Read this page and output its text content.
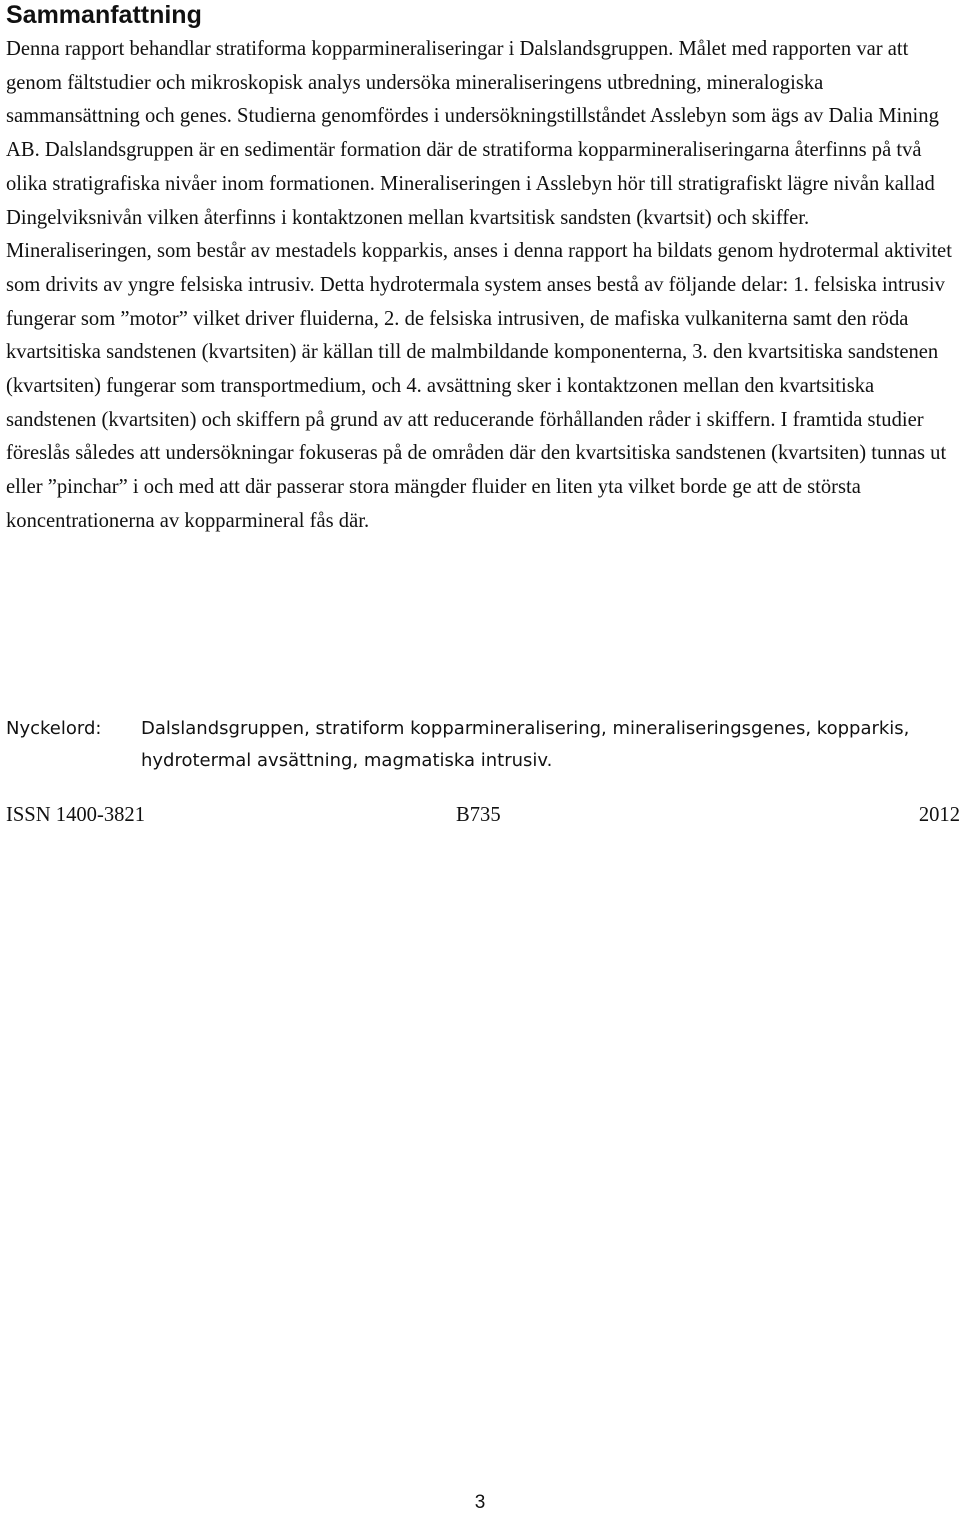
Sammanfattning

Denna rapport behandlar stratiforma kopparmineraliseringar i Dalslandsgruppen. Målet med rapporten var att genom fältstudier och mikroskopisk analys undersöka mineraliseringens utbredning, mineralogiska sammansättning och genes. Studierna genomfördes i undersökningstillståndet Asslebyn som ägs av Dalia Mining AB. Dalslandsgruppen är en sedimentär formation där de stratiforma kopparmineraliseringarna återfinns på två olika stratigrafiska nivåer inom formationen. Mineraliseringen i Asslebyn hör till stratigrafiskt lägre nivån kallad Dingelviksnivån vilken återfinns i kontaktzonen mellan kvartsitisk sandsten (kvartsit) och skiffer. Mineraliseringen, som består av mestadels kopparkis, anses i denna rapport ha bildats genom hydrotermal aktivitet som drivits av yngre felsiska intrusiv. Detta hydrotermala system anses bestå av följande delar: 1. felsiska intrusiv fungerar som ”motor” vilket driver fluiderna, 2. de felsiska intrusiven, de mafiska vulkaniterna samt den röda kvartsitiska sandstenen (kvartsiten) är källan till de malmbildande komponenterna, 3. den kvartsitiska sandstenen (kvartsiten) fungerar som transportmedium, och 4. avsättning sker i kontaktzonen mellan den kvartsitiska sandstenen (kvartsiten) och skiffern på grund av att reducerande förhållanden råder i skiffern. I framtida studier föreslås således att undersökningar fokuseras på de områden där den kvartsitiska sandstenen (kvartsiten) tunnas ut eller ”pinchar” i och med att där passerar stora mängder fluider en liten yta vilket borde ge att de största koncentrationerna av kopparmineral fås där.

Nyckelord:	Dalslandsgruppen, stratiform kopparmineralisering, mineraliseringsgenes, kopparkis, hydrotermal avsättning, magmatiska intrusiv.
ISSN 1400-3821	B735	2012
3
